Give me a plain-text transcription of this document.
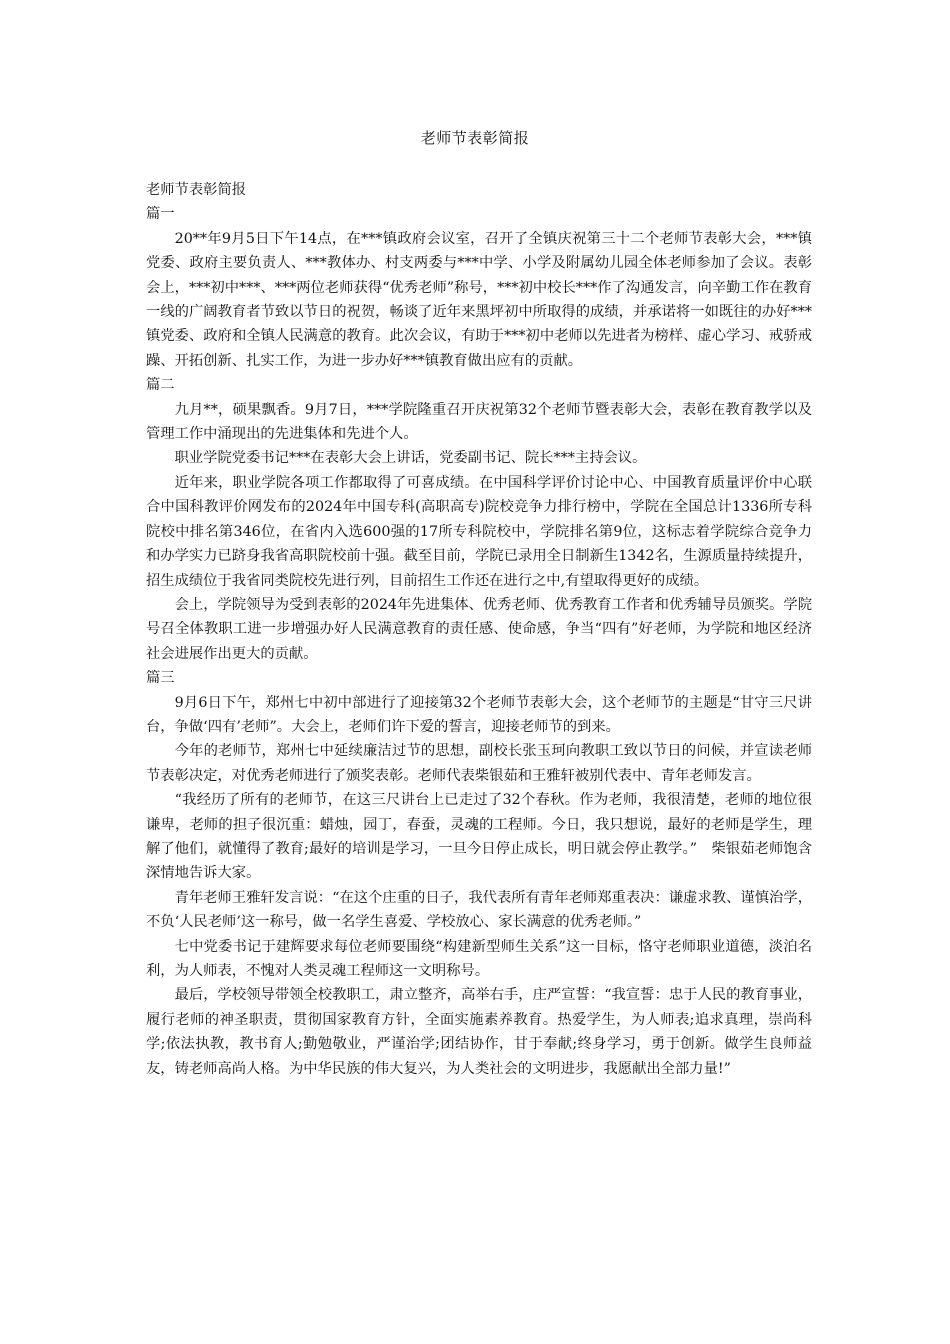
老师节表彰简报

老师节表彰简报

篇一

20**年9月5日下午14点，在***镇政府会议室，召开了全镇庆祝第三十二个老师节表彰大会，***镇党委、政府主要负责人、***教体办、村支两委与***中学、小学及附属幼儿园全体老师参加了会议。表彰会上，***初中***、***两位老师获得“优秀老师”称号，***初中校长***作了沟通发言，向辛勤工作在教育一线的广阔教育者节致以节日的祝贺，畅谈了近年来黑坪初中所取得的成绩，并承诺将一如既往的办好***镇党委、政府和全镇人民满意的教育。此次会议，有助于***初中老师以先进者为榜样、虚心学习、戒骄戒躁、开拓创新、扎实工作，为进一步办好***镇教育做出应有的贡献。

篇二

九月**，硕果飘香。9月7日，***学院隆重召开庆祝第32个老师节暨表彰大会，表彰在教育教学以及管理工作中涌现出的先进集体和先进个人。

职业学院党委书记***在表彰大会上讲话，党委副书记、院长***主持会议。

近年来，职业学院各项工作都取得了可喜成绩。在中国科学评价讨论中心、中国教育质量评价中心联合中国科教评价网发布的2024年中国专科(高职高专)院校竞争力排行榜中，学院在全国总计1336所专科院校中排名第346位，在省内入选600强的17所专科院校中，学院排名第9位，这标志着学院综合竞争力和办学实力已跻身我省高职院校前十强。截至目前，学院已录用全日制新生1342名，生源质量持续提升，招生成绩位于我省同类院校先进行列，目前招生工作还在进行之中,有望取得更好的成绩。

会上，学院领导为受到表彰的2024年先进集体、优秀老师、优秀教育工作者和优秀辅导员颁奖。学院号召全体教职工进一步增强办好人民满意教育的责任感、使命感，争当“四有”好老师，为学院和地区经济社会进展作出更大的贡献。

篇三

9月6日下午，郑州七中初中部进行了迎接第32个老师节表彰大会，这个老师节的主题是“甘守三尺讲台，争做‘四有’老师”。大会上，老师们许下爱的誓言，迎接老师节的到来。

今年的老师节，郑州七中延续廉洁过节的思想，副校长张玉珂向教职工致以节日的问候，并宣读老师节表彰决定，对优秀老师进行了颁奖表彰。老师代表柴银茹和王雅轩被别代表中、青年老师发言。

“我经历了所有的老师节，在这三尺讲台上已走过了32个春秋。作为老师，我很清楚，老师的地位很谦卑，老师的担子很沉重：蜡烛，园丁，春蚕，灵魂的工程师。今日，我只想说，最好的老师是学生，理解了他们，就懂得了教育;最好的培训是学习，一旦今日停止成长，明日就会停止教学。”　柴银茹老师饱含深情地告诉大家。

青年老师王雅轩发言说：“在这个庄重的日子，我代表所有青年老师郑重表决：谦虚求教、谨慎治学，不负‘人民老师’这一称号，做一名学生喜爱、学校放心、家长满意的优秀老师。”

七中党委书记于建辉要求每位老师要围绕“构建新型师生关系”这一目标，恪守老师职业道德，淡泊名利，为人师表，不愧对人类灵魂工程师这一文明称号。

最后，学校领导带领全校教职工，肃立整齐，高举右手，庄严宣誓：“我宣誓：忠于人民的教育事业，履行老师的神圣职责，贯彻国家教育方针，全面实施素养教育。热爱学生，为人师表;追求真理，崇尚科学;依法执教，教书育人;勤勉敬业，严谨治学;团结协作，甘于奉献;终身学习，勇于创新。做学生良师益友，铸老师高尚人格。为中华民族的伟大复兴，为人类社会的文明进步，我愿献出全部力量!”
